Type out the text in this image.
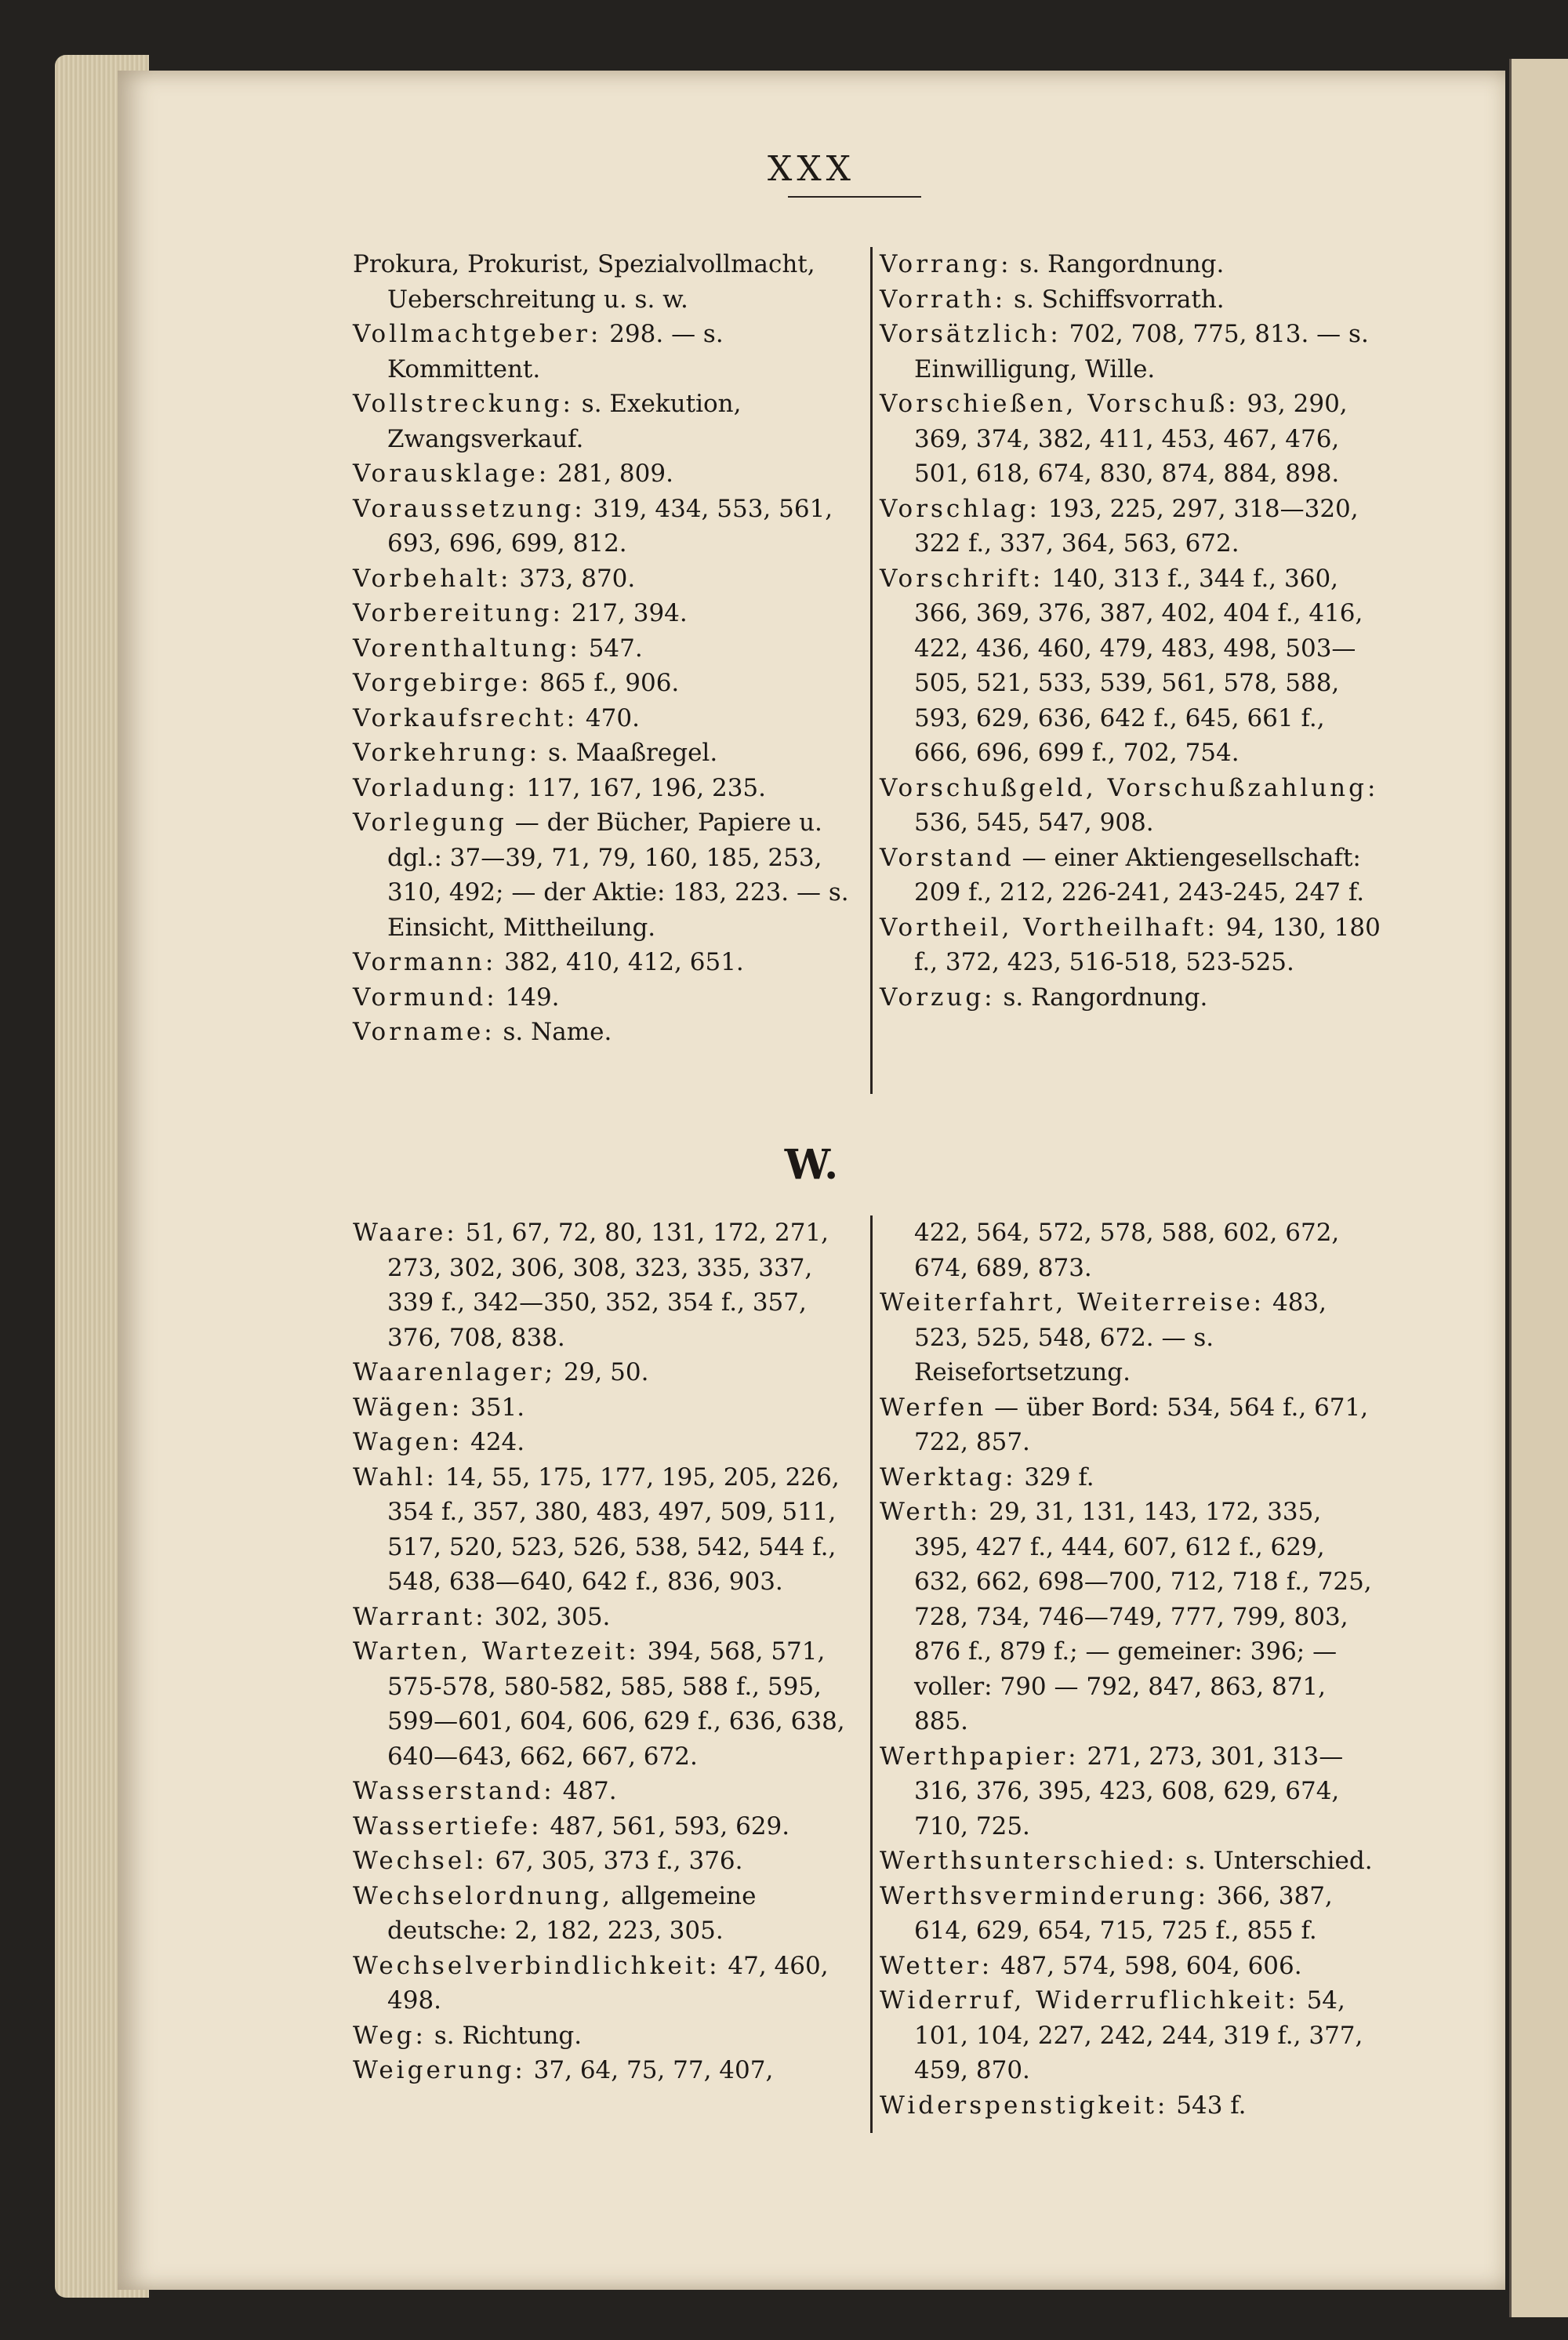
XXX

Prokura, Prokurist, Spezialvollmacht, Ueberschreitung u. s. w.

Vollmachtgeber: 298. — s. Kommittent.

Vollstreckung: s. Exekution, Zwangsverkauf.

Vorausklage: 281, 809.

Voraussetzung: 319, 434, 553, 561, 693, 696, 699, 812.

Vorbehalt: 373, 870.

Vorbereitung: 217, 394.

Vorenthaltung: 547.

Vorgebirge: 865 f., 906.

Vorkaufsrecht: 470.

Vorkehrung: s. Maaßregel.

Vorladung: 117, 167, 196, 235.

Vorlegung — der Bücher, Papiere u. dgl.: 37—39, 71, 79, 160, 185, 253, 310, 492; — der Aktie: 183, 223. — s. Einsicht, Mittheilung.

Vormann: 382, 410, 412, 651.

Vormund: 149.

Vorname: s. Name.

Vorrang: s. Rangordnung.

Vorrath: s. Schiffsvorrath.

Vorsätzlich: 702, 708, 775, 813. — s. Einwilligung, Wille.

Vorschießen, Vorschuß: 93, 290, 369, 374, 382, 411, 453, 467, 476, 501, 618, 674, 830, 874, 884, 898.

Vorschlag: 193, 225, 297, 318—320, 322 f., 337, 364, 563, 672.

Vorschrift: 140, 313 f., 344 f., 360, 366, 369, 376, 387, 402, 404 f., 416, 422, 436, 460, 479, 483, 498, 503—505, 521, 533, 539, 561, 578, 588, 593, 629, 636, 642 f., 645, 661 f., 666, 696, 699 f., 702, 754.

Vorschußgeld, Vorschußzahlung: 536, 545, 547, 908.

Vorstand — einer Aktiengesellschaft: 209 f., 212, 226-241, 243-245, 247 f.

Vortheil, Vortheilhaft: 94, 130, 180 f., 372, 423, 516-518, 523-525.

Vorzug: s. Rangordnung.

W.

Waare: 51, 67, 72, 80, 131, 172, 271, 273, 302, 306, 308, 323, 335, 337, 339 f., 342—350, 352, 354 f., 357, 376, 708, 838.

Waarenlager; 29, 50.

Wägen: 351.

Wagen: 424.

Wahl: 14, 55, 175, 177, 195, 205, 226, 354 f., 357, 380, 483, 497, 509, 511, 517, 520, 523, 526, 538, 542, 544 f., 548, 638—640, 642 f., 836, 903.

Warrant: 302, 305.

Warten, Wartezeit: 394, 568, 571, 575-578, 580-582, 585, 588 f., 595, 599—601, 604, 606, 629 f., 636, 638, 640—643, 662, 667, 672.

Wasserstand: 487.

Wassertiefe: 487, 561, 593, 629.

Wechsel: 67, 305, 373 f., 376.

Wechselordnung, allgemeine deutsche: 2, 182, 223, 305.

Wechselverbindlichkeit: 47, 460, 498.

Weg: s. Richtung.

Weigerung: 37, 64, 75, 77, 407,

422, 564, 572, 578, 588, 602, 672, 674, 689, 873.

Weiterfahrt, Weiterreise: 483, 523, 525, 548, 672. — s. Reisefortsetzung.

Werfen — über Bord: 534, 564 f., 671, 722, 857.

Werktag: 329 f.

Werth: 29, 31, 131, 143, 172, 335, 395, 427 f., 444, 607, 612 f., 629, 632, 662, 698—700, 712, 718 f., 725, 728, 734, 746—749, 777, 799, 803, 876 f., 879 f.; — gemeiner: 396; — voller: 790 — 792, 847, 863, 871, 885.

Werthpapier: 271, 273, 301, 313—316, 376, 395, 423, 608, 629, 674, 710, 725.

Werthsunterschied: s. Unterschied.

Werthsverminderung: 366, 387, 614, 629, 654, 715, 725 f., 855 f.

Wetter: 487, 574, 598, 604, 606.

Widerruf, Widerruflichkeit: 54, 101, 104, 227, 242, 244, 319 f., 377, 459, 870.

Widerspenstigkeit: 543 f.
